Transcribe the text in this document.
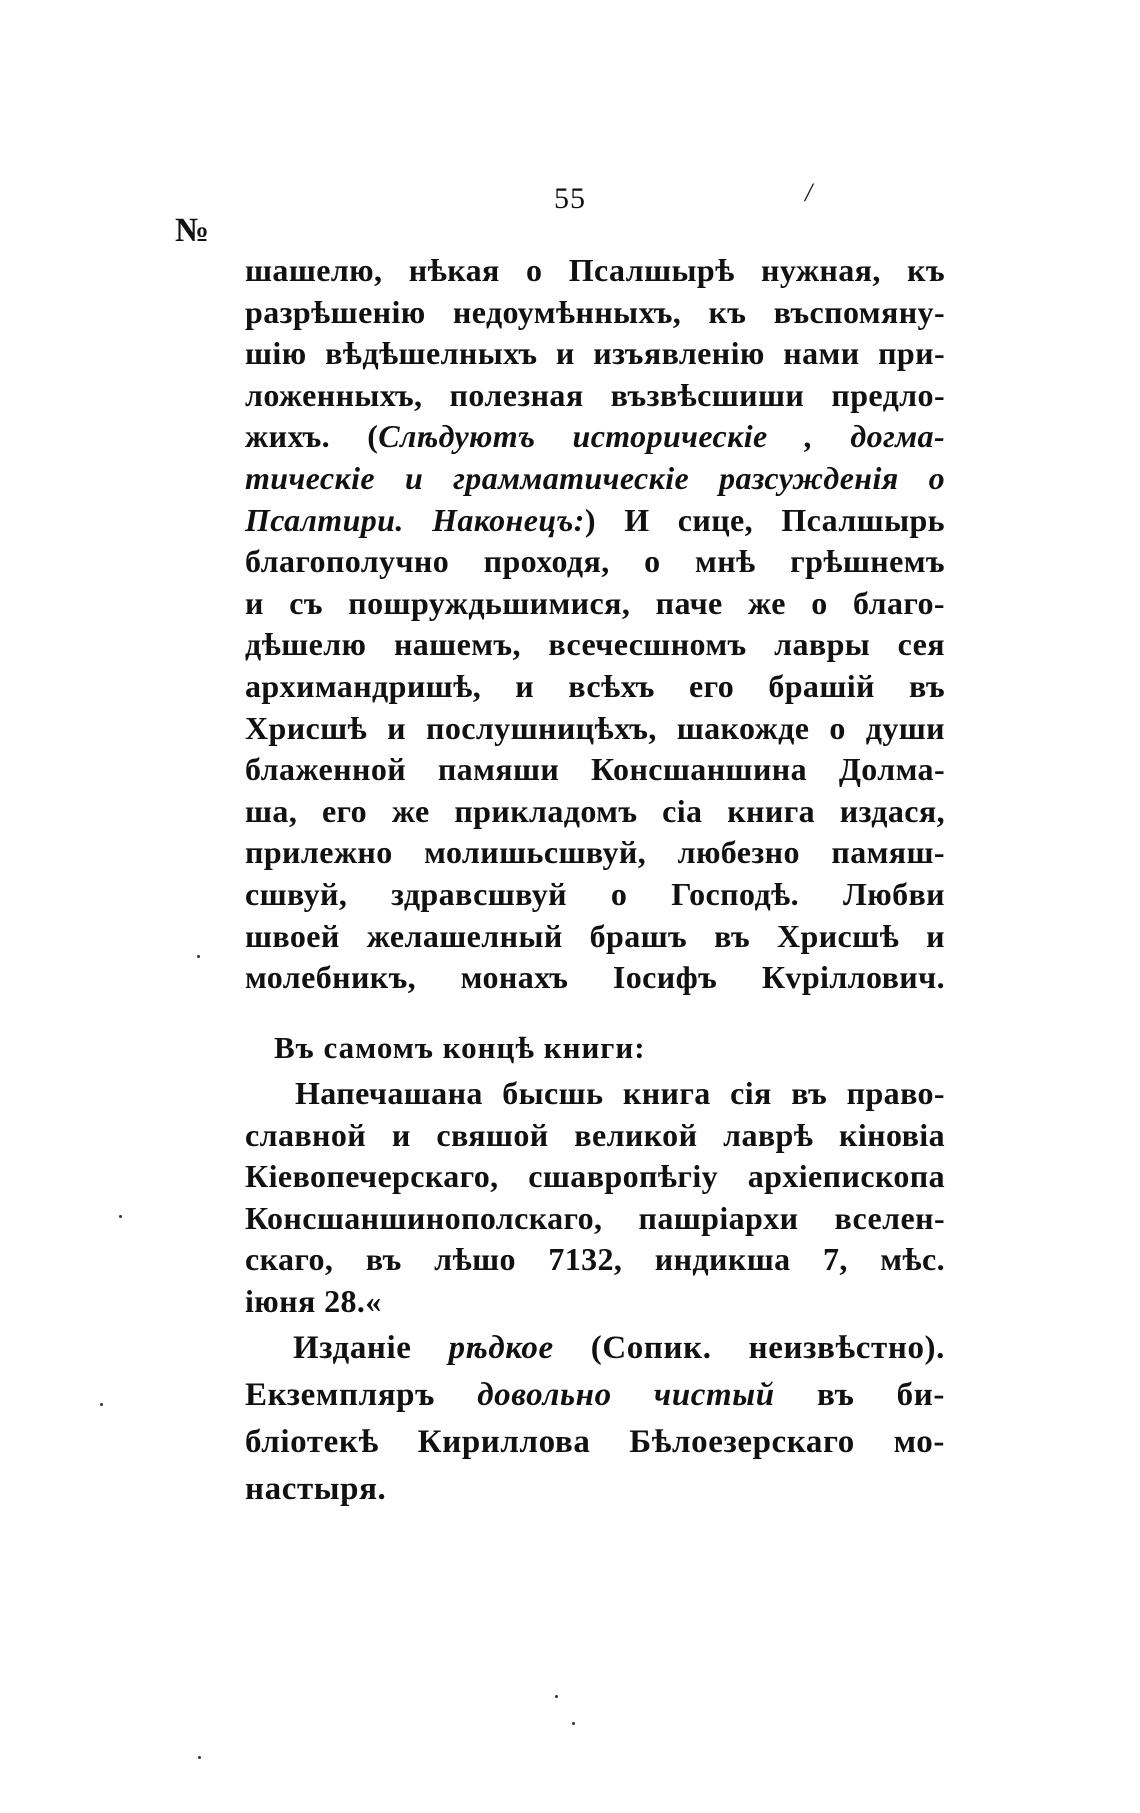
55	/
№
шашелю, нѣкая о Псалшырѣ нужная, къ
разрѣшенію недоумѣнныхъ, къ въспомяну-
шію вѣдѣшелныхъ и изъявленію нами при-
ложенныхъ, полезная възвѣсшиши предло-
жихъ. (Слѣдуютъ историческіе , догма-
тическіе и грамматическіе разсужденія о
Псалтири. Наконецъ:) И сице, Псалшырь
благополучно проходя, о мнѣ грѣшнемъ
и съ пошруждьшимися, паче же о благо-
дѣшелю нашемъ, всечесшномъ лавры сея
архимандришѣ, и всѣхъ его брашій въ
Хрисшѣ и послушницѣхъ, шакожде о души
блаженной памяши Консшаншина Долма-
ша, его же прикладомъ сіа книга издася,
прилежно молишьсшвуй, любезно памяш-
сшвуй, здравсшвуй о Господѣ. Любви
швоей желашелный брашъ въ Хрисшѣ и
молебникъ, монахъ Іосифъ Кvріллович.
Въ самомъ концѣ книги:
Напечашана бысшь книга сія въ право-
славной и свяшой великой лаврѣ кіновіа
Кіевопечерскаго, сшавропѣгіу архіепископа
Консшаншинополскаго, пашріархи вселен-
скаго, въ лѣшо 7132, индикша 7, мѣс.
іюня 28.«
Изданіе рѣдкое (Сопик. неизвѣстно).
Екземпляръ довольно чистый въ би-
бліотекѣ Кириллова Бѣлоезерскаго мо-
настыря.
